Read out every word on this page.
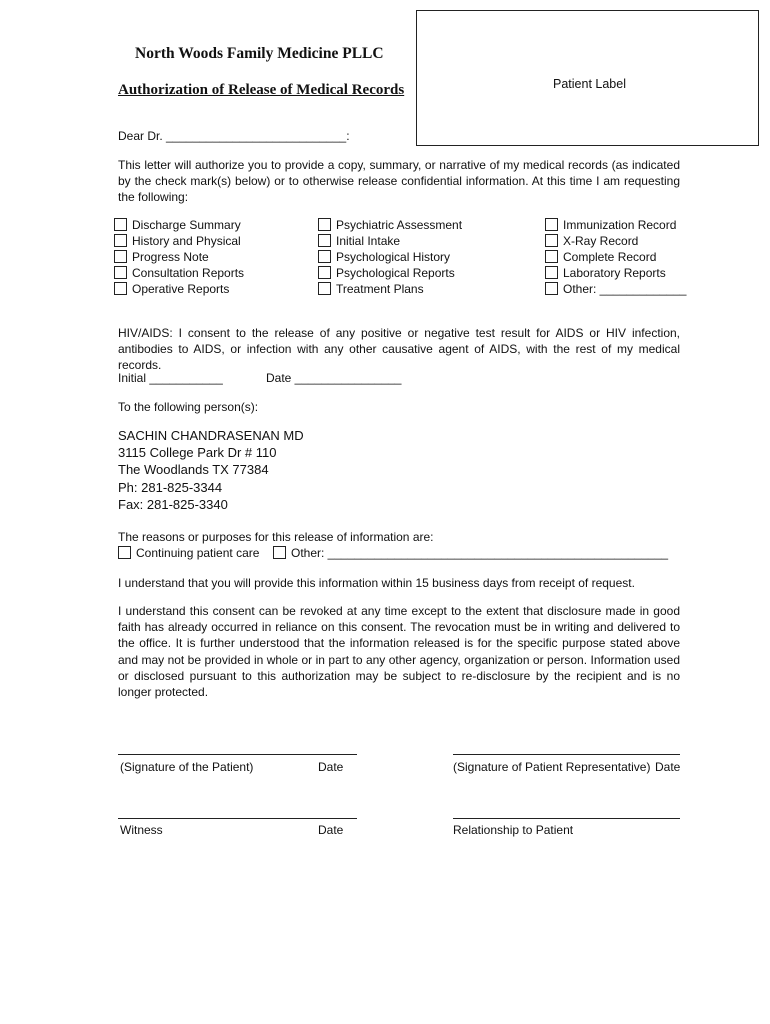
Patient Label
North Woods Family Medicine PLLC
Authorization of Release of Medical Records
Dear Dr. ___________________________:
This letter will authorize you to provide a copy, summary, or narrative of my medical records (as indicated by the check mark(s) below) or to otherwise release confidential information. At this time I am requesting the following:
Discharge Summary
History and Physical
Progress Note
Consultation Reports
Operative Reports
Psychiatric Assessment
Initial Intake
Psychological History
Psychological Reports
Treatment Plans
Immunization Record
X-Ray Record
Complete Record
Laboratory Reports
Other: _____________
HIV/AIDS: I consent to the release of any positive or negative test result for AIDS or HIV infection, antibodies to AIDS, or infection with any other causative agent of AIDS, with the rest of my medical records.
Initial ___________	Date ________________
To the following person(s):
SACHIN CHANDRASENAN MD
3115 College Park Dr # 110
The Woodlands TX 77384
Ph: 281-825-3344
Fax: 281-825-3340
The reasons or purposes for this release of information are:
Continuing patient care	Other: ___________________________________________________
I understand that you will provide this information within 15 business days from receipt of request.
I understand this consent can be revoked at any time except to the extent that disclosure made in good faith has already occurred in reliance on this consent. The revocation must be in writing and delivered to the office. It is further understood that the information released is for the specific purpose stated above and may not be provided in whole or in part to any other agency, organization or person. Information used or disclosed pursuant to this authorization may be subject to re-disclosure by the recipient and is no longer protected.
(Signature of the Patient)	Date	(Signature of Patient Representative) Date
Witness	Date	Relationship to Patient
